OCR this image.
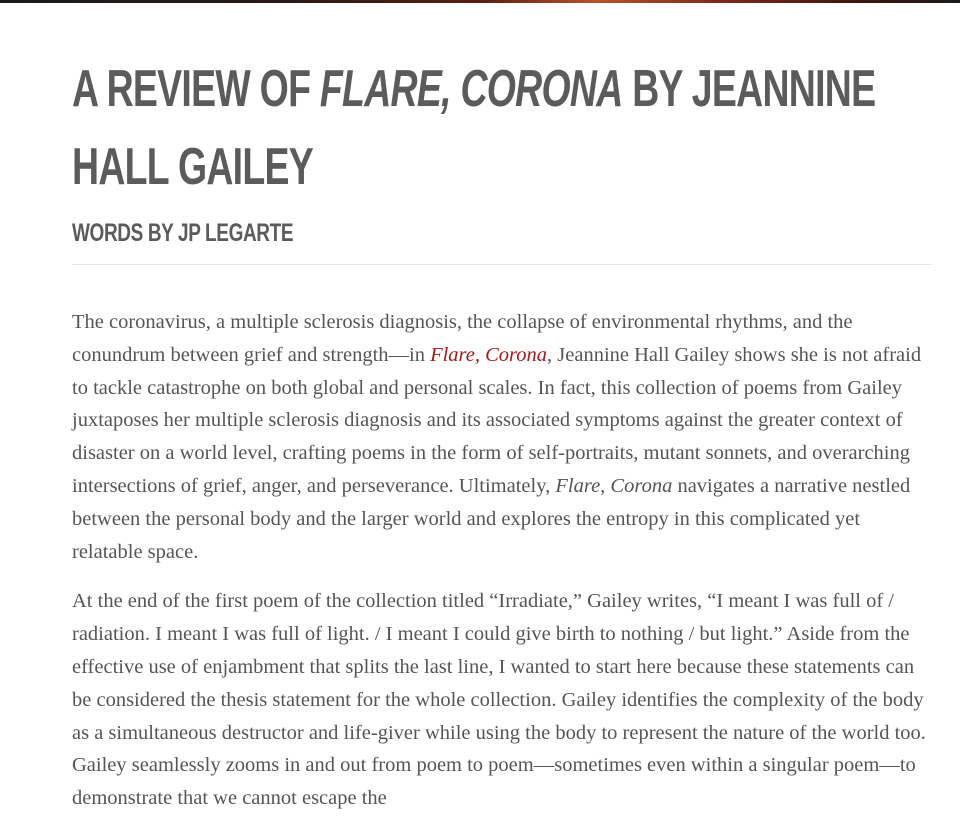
A REVIEW OF FLARE, CORONA BY JEANNINE HALL GAILEY
WORDS BY JP LEGARTE

The coronavirus, a multiple sclerosis diagnosis, the collapse of environmental rhythms, and the conundrum between grief and strength—in Flare, Corona, Jeannine Hall Gailey shows she is not afraid to tackle catastrophe on both global and personal scales. In fact, this collection of poems from Gailey juxtaposes her multiple sclerosis diagnosis and its associated symptoms against the greater context of disaster on a world level, crafting poems in the form of self-portraits, mutant sonnets, and overarching intersections of grief, anger, and perseverance. Ultimately, Flare, Corona navigates a narrative nestled between the personal body and the larger world and explores the entropy in this complicated yet relatable space.

At the end of the first poem of the collection titled “Irradiate,” Gailey writes, “I meant I was full of / radiation. I meant I was full of light. / I meant I could give birth to nothing / but light.” Aside from the effective use of enjambment that splits the last line, I wanted to start here because these statements can be considered the thesis statement for the whole collection. Gailey identifies the complexity of the body as a simultaneous destructor and life-giver while using the body to represent the nature of the world too. Gailey seamlessly zooms in and out from poem to poem—sometimes even within a singular poem—to demonstrate that we cannot escape the
